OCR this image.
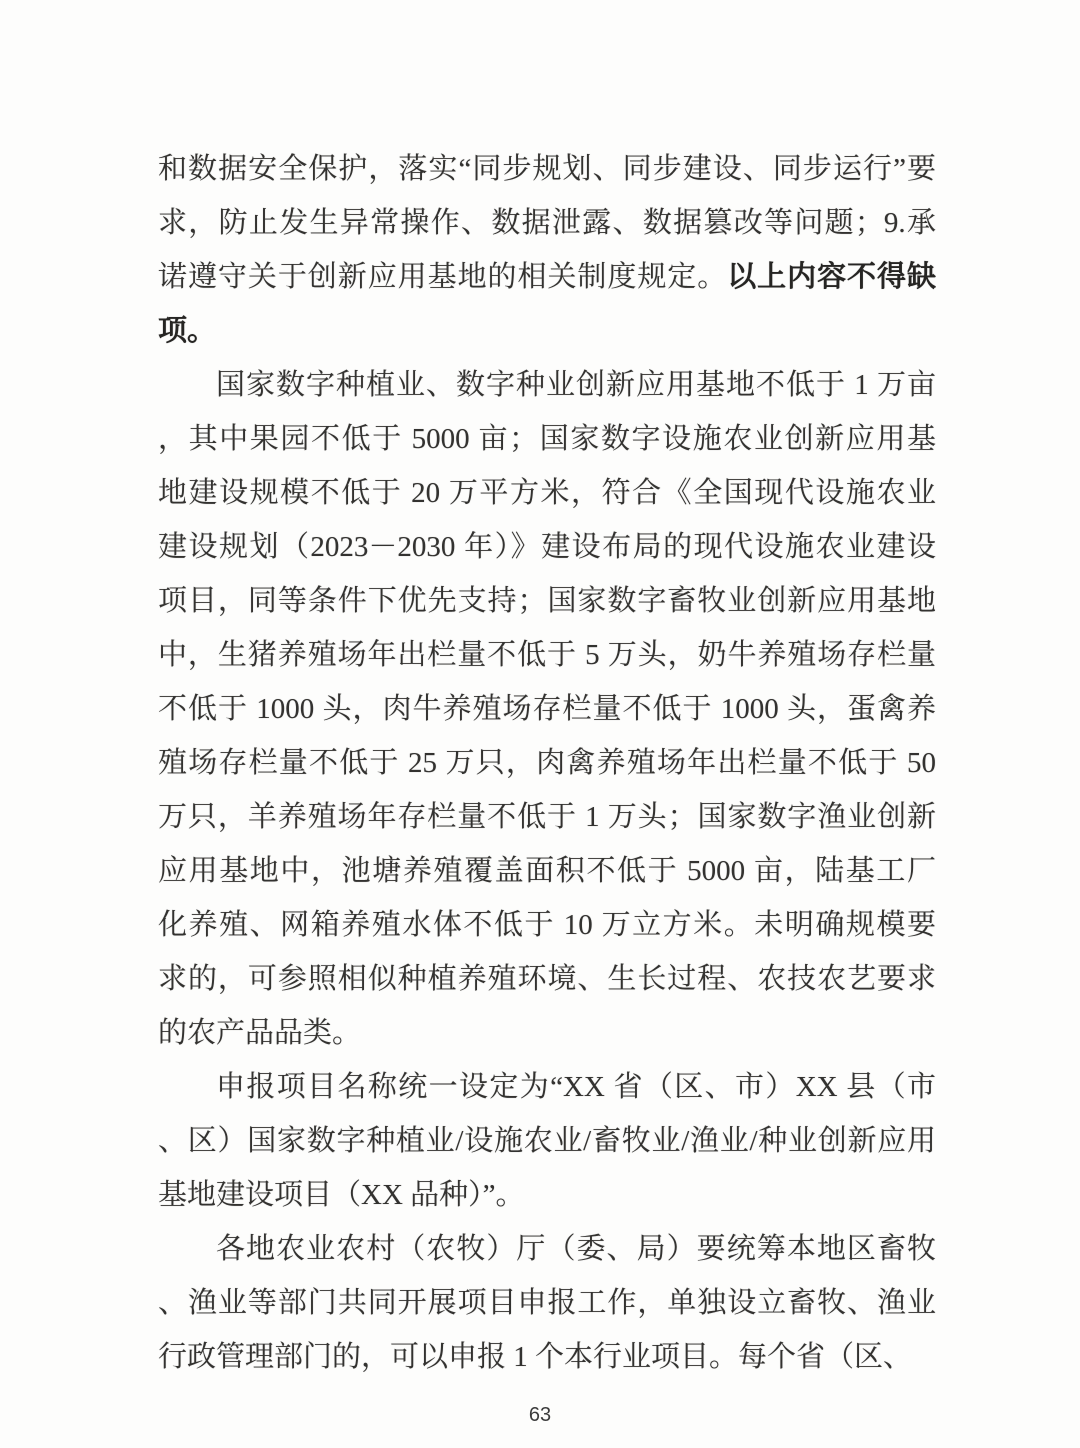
和数据安全保护，落实“同步规划、同步建设、同步运行”要
求，防止发生异常操作、数据泄露、数据篡改等问题；9.承
诺遵守关于创新应用基地的相关制度规定。以上内容不得缺
项。
国家数字种植业、数字种业创新应用基地不低于 1 万亩
，其中果园不低于 5000 亩；国家数字设施农业创新应用基
地建设规模不低于 20 万平方米，符合《全国现代设施农业
建设规划（2023－2030 年）》建设布局的现代设施农业建设
项目，同等条件下优先支持；国家数字畜牧业创新应用基地
中，生猪养殖场年出栏量不低于 5 万头，奶牛养殖场存栏量
不低于 1000 头，肉牛养殖场存栏量不低于 1000 头，蛋禽养
殖场存栏量不低于 25 万只，肉禽养殖场年出栏量不低于 50
万只，羊养殖场年存栏量不低于 1 万头；国家数字渔业创新
应用基地中，池塘养殖覆盖面积不低于 5000 亩，陆基工厂
化养殖、网箱养殖水体不低于 10 万立方米。未明确规模要
求的，可参照相似种植养殖环境、生长过程、农技农艺要求
的农产品品类。
申报项目名称统一设定为“XX 省（区、市）XX 县（市
、区）国家数字种植业/设施农业/畜牧业/渔业/种业创新应用
基地建设项目（XX 品种）”。
各地农业农村（农牧）厅（委、局）要统筹本地区畜牧
、渔业等部门共同开展项目申报工作，单独设立畜牧、渔业
行政管理部门的，可以申报 1 个本行业项目。每个省（区、
63
